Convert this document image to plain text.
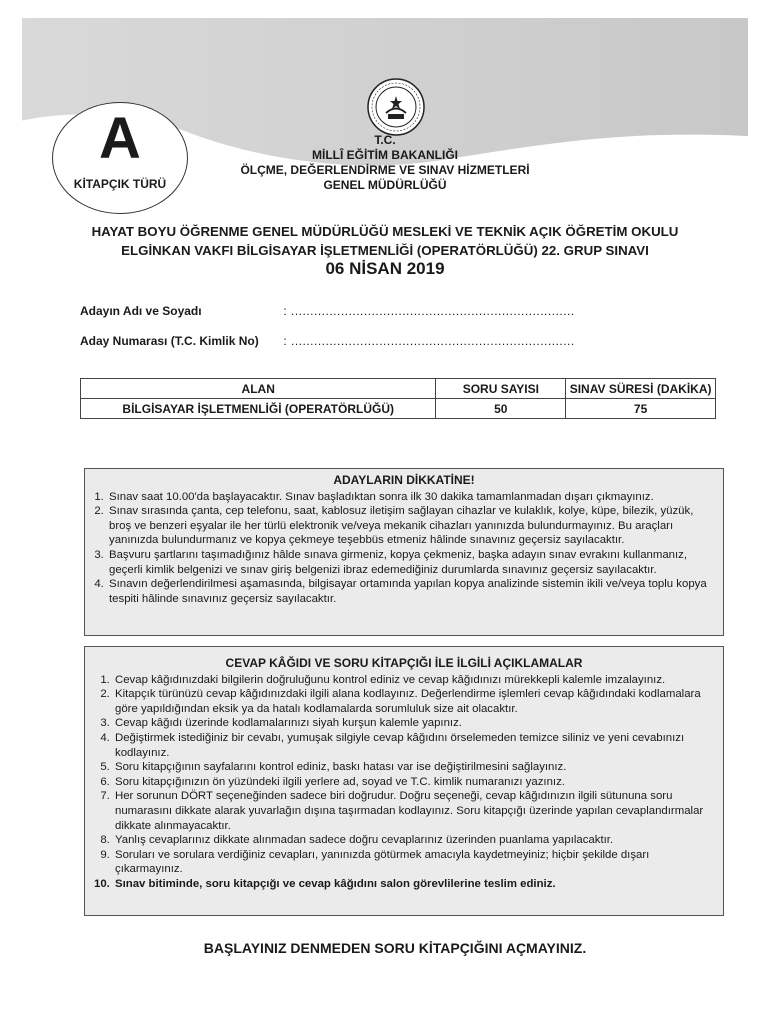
A
KİTAPÇIK TÜRÜ
T.C.
MİLLÎ EĞİTİM BAKANLIĞI
ÖLÇME, DEĞERLENDİRME VE SINAV HİZMETLERİ
GENEL MÜDÜRLÜĞÜ
HAYAT BOYU ÖĞRENME GENEL MÜDÜRLÜĞÜ MESLEKİ VE TEKNİK AÇIK ÖĞRETİM OKULU
ELGİNKAN VAKFI BİLGİSAYAR İŞLETMENLİĞİ (OPERATÖRLÜĞÜ) 22. GRUP SINAVI
06 NİSAN 2019
Adayın Adı ve Soyadı	: ..........................................................................
Aday Numarası (T.C. Kimlik No) : ..........................................................................
ALAN	SORU SAYISI	SINAV SÜRESİ (DAKİKA)
BİLGİSAYAR İŞLETMENLİĞİ (OPERATÖRLÜĞÜ)	50	75
ADAYLARIN DİKKATİNE!
1. Sınav saat 10.00'da başlayacaktır. Sınav başladıktan sonra ilk 30 dakika tamamlanmadan dışarı çıkmayınız.
2. Sınav sırasında çanta, cep telefonu, saat, kablosuz iletişim sağlayan cihazlar ve kulaklık, kolye, küpe, bilezik, yüzük, broş ve benzeri eşyalar ile her türlü elektronik ve/veya mekanik cihazları yanınızda bulundurmayınız. Bu araçları yanınızda bulundurmanız ve kopya çekmeye teşebbüs etmeniz hâlinde sınavınız geçersiz sayılacaktır.
3. Başvuru şartlarını taşımadığınız hâlde sınava girmeniz, kopya çekmeniz, başka adayın sınav evrakını kullanmanız, geçerli kimlik belgenizi ve sınav giriş belgenizi ibraz edemediğiniz durumlarda sınavınız geçersiz sayılacaktır.
4. Sınavın değerlendirilmesi aşamasında, bilgisayar ortamında yapılan kopya analizinde sistemin ikili ve/veya toplu kopya tespiti hâlinde sınavınız geçersiz sayılacaktır.
CEVAP KÂĞIDI VE SORU KİTAPÇIĞI İLE İLGİLİ AÇIKLAMALAR
1. Cevap kâğıdınızdaki bilgilerin doğruluğunu kontrol ediniz ve cevap kâğıdınızı mürekkepli kalemle imzalayınız.
2. Kitapçık türünüzü cevap kâğıdınızdaki ilgili alana kodlayınız. Değerlendirme işlemleri cevap kâğıdındaki kodlamalara göre yapıldığından eksik ya da hatalı kodlamalarda sorumluluk size ait olacaktır.
3. Cevap kâğıdı üzerinde kodlamalarınızı siyah kurşun kalemle yapınız.
4. Değiştirmek istediğiniz bir cevabı, yumuşak silgiyle cevap kâğıdını örselemeden temizce siliniz ve yeni cevabınızı kodlayınız.
5. Soru kitapçığının sayfalarını kontrol ediniz, baskı hatası var ise değiştirilmesini sağlayınız.
6. Soru kitapçığınızın ön yüzündeki ilgili yerlere ad, soyad ve T.C. kimlik numaranızı yazınız.
7. Her sorunun DÖRT seçeneğinden sadece biri doğrudur. Doğru seçeneği, cevap kâğıdınızın ilgili sütununa soru numarasını dikkate alarak yuvarlağın dışına taşırmadan kodlayınız. Soru kitapçığı üzerinde yapılan cevaplandırmalar dikkate alınmayacaktır.
8. Yanlış cevaplarınız dikkate alınmadan sadece doğru cevaplarınız üzerinden puanlama yapılacaktır.
9. Soruları ve sorulara verdiğiniz cevapları, yanınızda götürmek amacıyla kaydetmeyiniz; hiçbir şekilde dışarı çıkarmayınız.
10. Sınav bitiminde, soru kitapçığı ve cevap kâğıdını salon görevlilerine teslim ediniz.
BAŞLAYINIZ DENMEDEN SORU KİTAPÇIĞINI AÇMAYINIZ.
